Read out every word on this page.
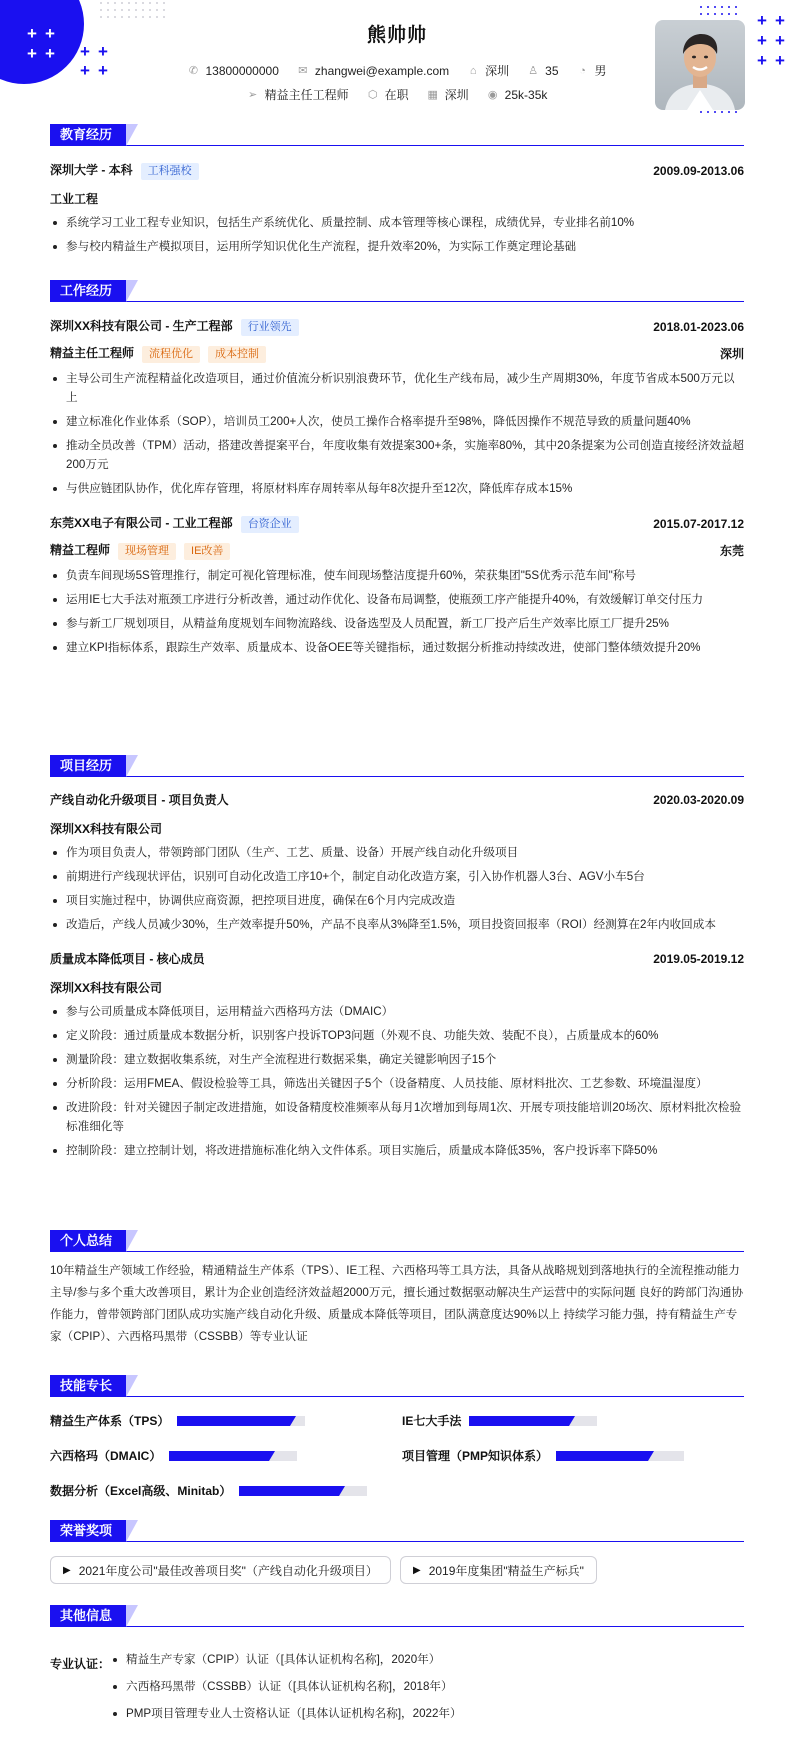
+ +
+ + + +
+ +
+ +
+ +
+ +
熊帅帅
✆ 13800000000 ✉ zhangwei@example.com ⌂ 深圳 ♙ 35 ◔ 男
➢ 精益主任工程师 ⬡ 在职 ▦ 深圳 ◉ 25k-35k
教育经历
深圳大学 - 本科 工科强校	2009.09-2013.06
工业工程
系统学习工业工程专业知识，包括生产系统优化、质量控制、成本管理等核心课程，成绩优异，专业排名前10%
参与校内精益生产模拟项目，运用所学知识优化生产流程，提升效率20%，为实际工作奠定理论基础
工作经历
深圳XX科技有限公司 - 生产工程部 行业领先	2018.01-2023.06
精益主任工程师 流程优化 成本控制	深圳
主导公司生产流程精益化改造项目，通过价值流分析识别浪费环节，优化生产线布局，减少生产周期30%，年度节省成本500万元以上
建立标准化作业体系（SOP），培训员工200+人次，使员工操作合格率提升至98%，降低因操作不规范导致的质量问题40%
推动全员改善（TPM）活动，搭建改善提案平台，年度收集有效提案300+条，实施率80%，其中20条提案为公司创造直接经济效益超200万元
与供应链团队协作，优化库存管理，将原材料库存周转率从每年8次提升至12次，降低库存成本15%
东莞XX电子有限公司 - 工业工程部 台资企业	2015.07-2017.12
精益工程师 现场管理 IE改善	东莞
负责车间现场5S管理推行，制定可视化管理标准，使车间现场整洁度提升60%，荣获集团"5S优秀示范车间"称号
运用IE七大手法对瓶颈工序进行分析改善，通过动作优化、设备布局调整，使瓶颈工序产能提升40%，有效缓解订单交付压力
参与新工厂规划项目，从精益角度规划车间物流路线、设备选型及人员配置，新工厂投产后生产效率比原工厂提升25%
建立KPI指标体系，跟踪生产效率、质量成本、设备OEE等关键指标，通过数据分析推动持续改进，使部门整体绩效提升20%
项目经历
产线自动化升级项目 - 项目负责人	2020.03-2020.09
深圳XX科技有限公司
作为项目负责人，带领跨部门团队（生产、工艺、质量、设备）开展产线自动化升级项目
前期进行产线现状评估，识别可自动化改造工序10+个，制定自动化改造方案，引入协作机器人3台、AGV小车5台
项目实施过程中，协调供应商资源，把控项目进度，确保在6个月内完成改造
改造后，产线人员减少30%，生产效率提升50%，产品不良率从3%降至1.5%，项目投资回报率（ROI）经测算在2年内收回成本
质量成本降低项目 - 核心成员	2019.05-2019.12
深圳XX科技有限公司
参与公司质量成本降低项目，运用精益六西格玛方法（DMAIC）
定义阶段：通过质量成本数据分析，识别客户投诉TOP3问题（外观不良、功能失效、装配不良），占质量成本的60%
测量阶段：建立数据收集系统，对生产全流程进行数据采集，确定关键影响因子15个
分析阶段：运用FMEA、假设检验等工具，筛选出关键因子5个（设备精度、人员技能、原材料批次、工艺参数、环境温湿度）
改进阶段：针对关键因子制定改进措施，如设备精度校准频率从每月1次增加到每周1次、开展专项技能培训20场次、原材料批次检验标准细化等
控制阶段：建立控制计划，将改进措施标准化纳入文件体系。项目实施后，质量成本降低35%，客户投诉率下降50%
个人总结
10年精益生产领域工作经验，精通精益生产体系（TPS）、IE工程、六西格玛等工具方法，具备从战略规划到落地执行的全流程推动能力 主导/参与多个重大改善项目，累计为企业创造经济效益超2000万元，擅长通过数据驱动解决生产运营中的实际问题 良好的跨部门沟通协作能力，曾带领跨部门团队成功实施产线自动化升级、质量成本降低等项目，团队满意度达90%以上 持续学习能力强，持有精益生产专家（CPIP）、六西格玛黑带（CSSBB）等专业认证
技能专长
精益生产体系（TPS）	IE七大手法
六西格玛（DMAIC）	项目管理（PMP知识体系）
数据分析（Excel高级、Minitab）
荣誉奖项
▶ 2021年度公司"最佳改善项目奖"（产线自动化升级项目）	▶ 2019年度集团"精益生产标兵"
其他信息
专业认证：	精益生产专家（CPIP）认证（[具体认证机构名称]，2020年）
六西格玛黑带（CSSBB）认证（[具体认证机构名称]，2018年）
PMP项目管理专业人士资格认证（[具体认证机构名称]，2022年）
